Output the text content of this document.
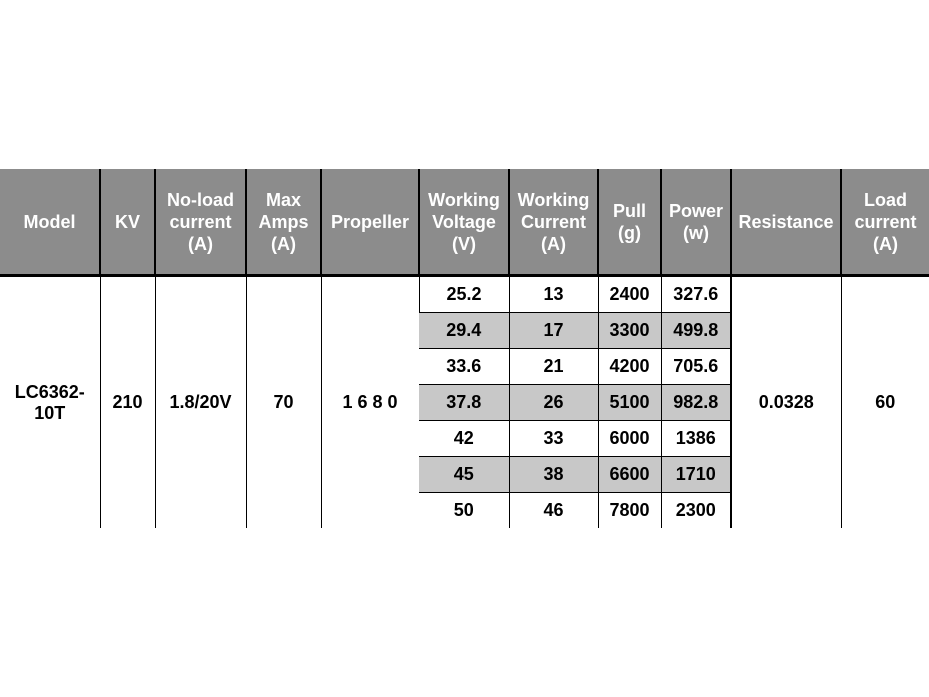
Model	KV	No-load
current
(A)	Max
Amps
(A)	Propeller	Working
Voltage
(V)	Working
Current
(A)	Pull
(g)	Power
(w)	Resistance	Load
current
(A)
LC6362-
10T	210	1.8/20V	70	1 6 8 0	25.2	13	2400	327.6	0.0328	60
					29.4	17	3300	499.8		
					33.6	21	4200	705.6		
					37.8	26	5100	982.8		
					42	33	6000	1386		
					45	38	6600	1710		
					50	46	7800	2300		
